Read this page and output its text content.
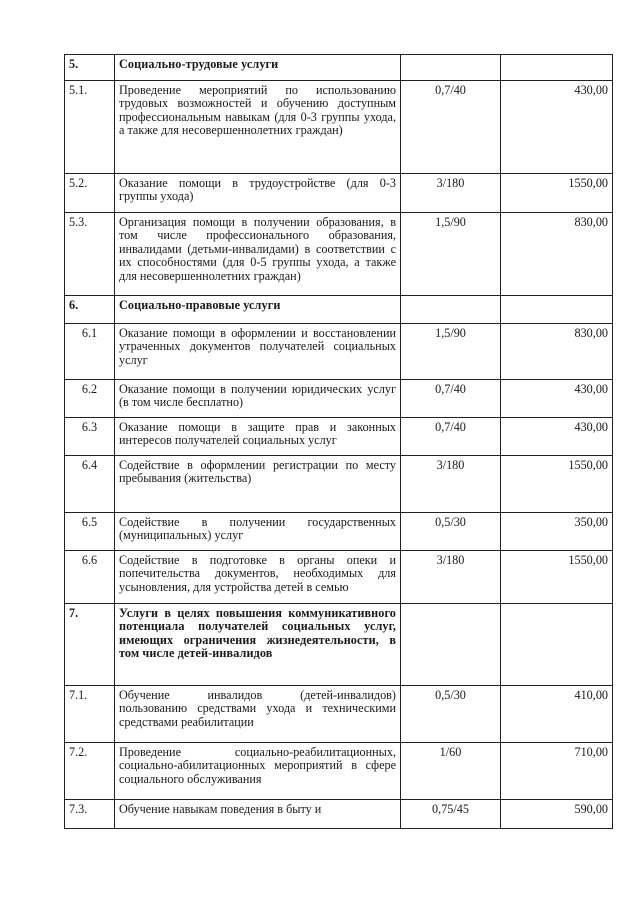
5.	Социально-трудовые услуги		
5.1.	Проведение мероприятий по использованию трудовых возможностей и обучению доступным профессиональным навыкам (для 0-3 группы ухода, а также для несовершеннолетних граждан)	0,7/40	430,00
5.2.	Оказание помощи в трудоустройстве (для 0-3 группы ухода)	3/180	1550,00
5.3.	Организация помощи в получении образования, в том числе профессионального образования, инвалидами (детьми-инвалидами) в соответствии с их способностями (для 0-5 группы ухода, а также для несовершеннолетних граждан)	1,5/90	830,00
6.	Социально-правовые услуги		
6.1	Оказание помощи в оформлении и восстановлении утраченных документов получателей социальных услуг	1,5/90	830,00
6.2	Оказание помощи в получении юридических услуг (в том числе бесплатно)	0,7/40	430,00
6.3	Оказание помощи в защите прав и законных интересов получателей социальных услуг	0,7/40	430,00
6.4	Содействие в оформлении регистрации по месту пребывания (жительства)	3/180	1550,00
6.5	Содействие в получении государственных (муниципальных) услуг	0,5/30	350,00
6.6	Содействие в подготовке в органы опеки и попечительства документов, необходимых для усыновления, для устройства детей в семью	3/180	1550,00
7.	Услуги в целях повышения коммуникативного потенциала получателей социальных услуг, имеющих ограничения жизнедеятельности, в том числе детей-инвалидов		
7.1.	Обучение инвалидов (детей-инвалидов) пользованию средствами ухода и техническими средствами реабилитации	0,5/30	410,00
7.2.	Проведение социально-реабилитационных, социально-абилитационных мероприятий в сфере социального обслуживания	1/60	710,00
7.3.	Обучение навыкам поведения в быту и	0,75/45	590,00
